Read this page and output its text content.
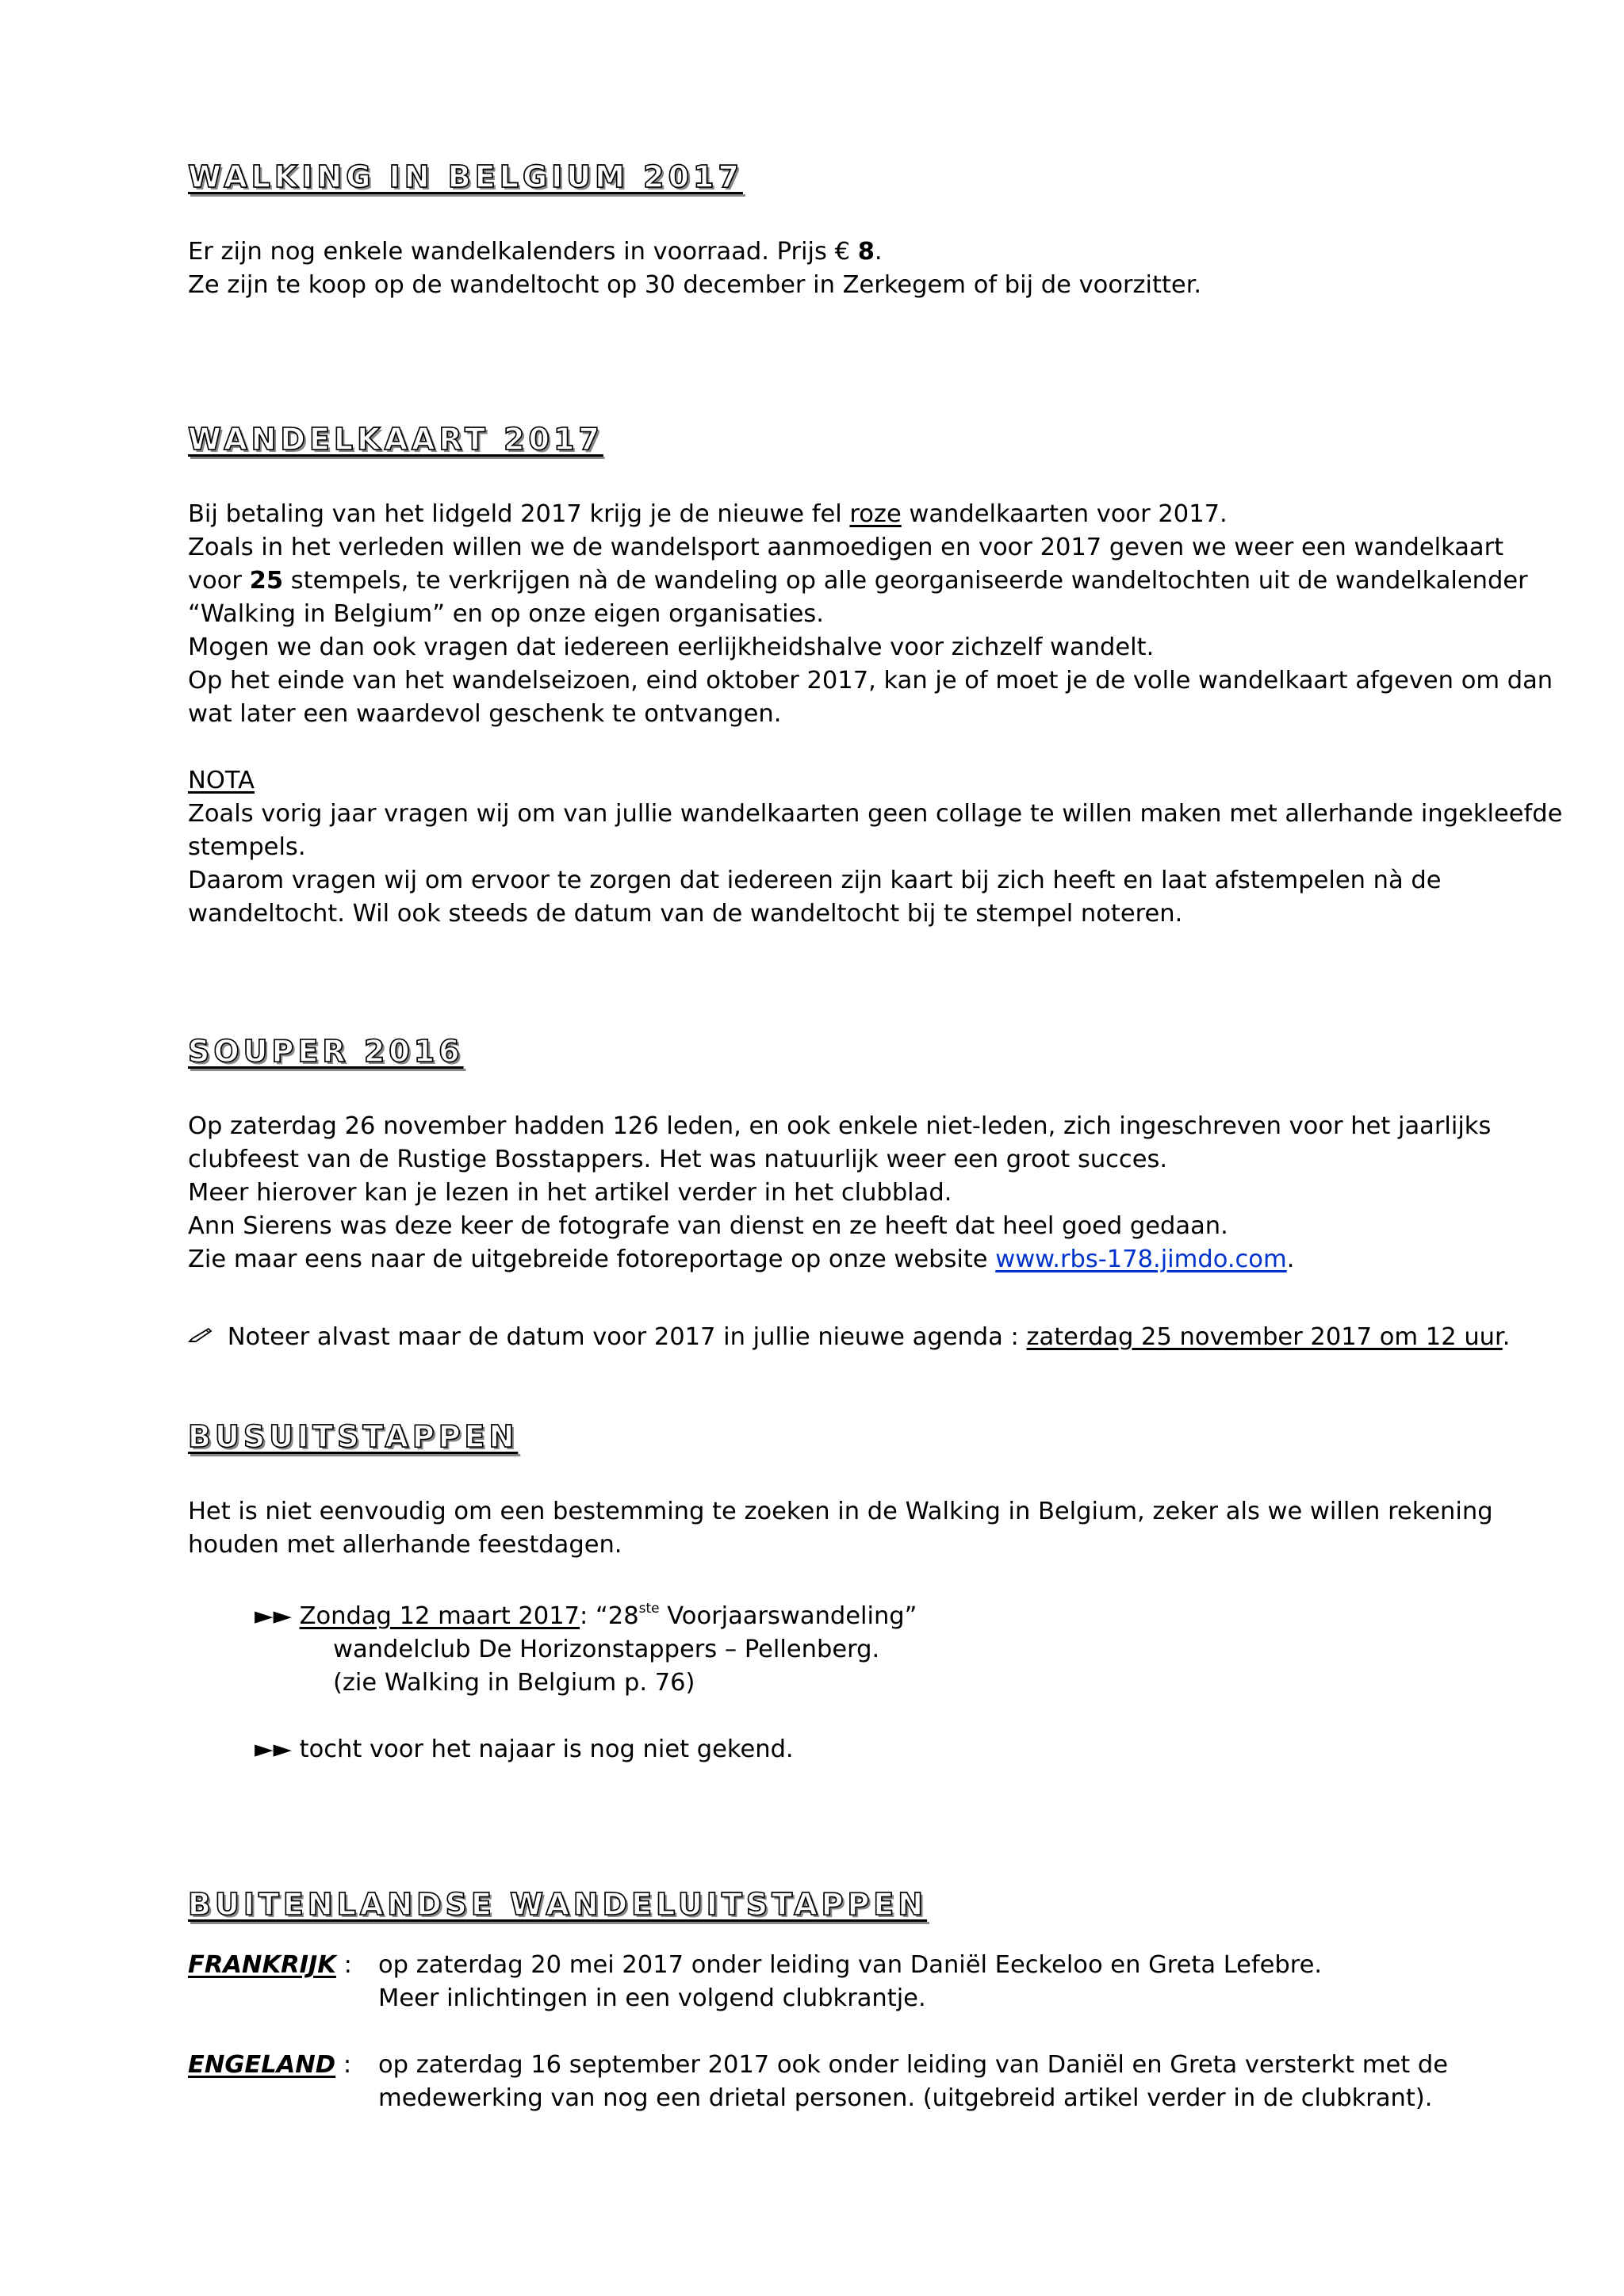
WALKING IN BELGIUM 2017

Er zijn nog enkele wandelkalenders in voorraad. Prijs € 8.

Ze zijn te koop op de wandeltocht op 30 december in Zerkegem of bij de voorzitter.

WANDELKAART 2017

Bij betaling van het lidgeld 2017 krijg je de nieuwe fel roze wandelkaarten voor 2017.

Zoals in het verleden willen we de wandelsport aanmoedigen en voor 2017 geven we weer een wandelkaart

voor 25 stempels, te verkrijgen nà de wandeling op alle georganiseerde wandeltochten uit de wandelkalender

“Walking in Belgium” en op onze eigen organisaties.

Mogen we dan ook vragen dat iedereen eerlijkheidshalve voor zichzelf wandelt.

Op het einde van het wandelseizoen, eind oktober 2017, kan je of moet je de volle wandelkaart afgeven om dan

wat later een waardevol geschenk te ontvangen.

NOTA

Zoals vorig jaar vragen wij om van jullie wandelkaarten geen collage te willen maken met allerhande ingekleefde

stempels.

Daarom vragen wij om ervoor te zorgen dat iedereen zijn kaart bij zich heeft en laat afstempelen nà de

wandeltocht. Wil ook steeds de datum van de wandeltocht bij te stempel noteren.

SOUPER 2016

Op zaterdag 26 november hadden 126 leden, en ook enkele niet-leden, zich ingeschreven voor het jaarlijks

clubfeest van de Rustige Bosstappers. Het was natuurlijk weer een groot succes.

Meer hierover kan je lezen in het artikel verder in het clubblad.

Ann Sierens was deze keer de fotografe van dienst en ze heeft dat heel goed gedaan.

Zie maar eens naar de uitgebreide fotoreportage op onze website www.rbs-178.jimdo.com.

Noteer alvast maar de datum voor 2017 in jullie nieuwe agenda : zaterdag 25 november 2017 om 12 uur.

BUSUITSTAPPEN

Het is niet eenvoudig om een bestemming te zoeken in de Walking in Belgium, zeker als we willen rekening

houden met allerhande feestdagen.

►► Zondag 12 maart 2017: “28ste Voorjaarswandeling”

wandelclub De Horizonstappers – Pellenberg.

(zie Walking in Belgium p. 76)

►► tocht voor het najaar is nog niet gekend.

BUITENLANDSE WANDELUITSTAPPEN
FRANKRIJK :	op zaterdag 20 mei 2017 onder leiding van Daniël Eeckeloo en Greta Lefebre.

Meer inlichtingen in een volgend clubkrantje.

ENGELAND :	op zaterdag 16 september 2017 ook onder leiding van Daniël en Greta versterkt met de

medewerking van nog een drietal personen. (uitgebreid artikel verder in de clubkrant).
